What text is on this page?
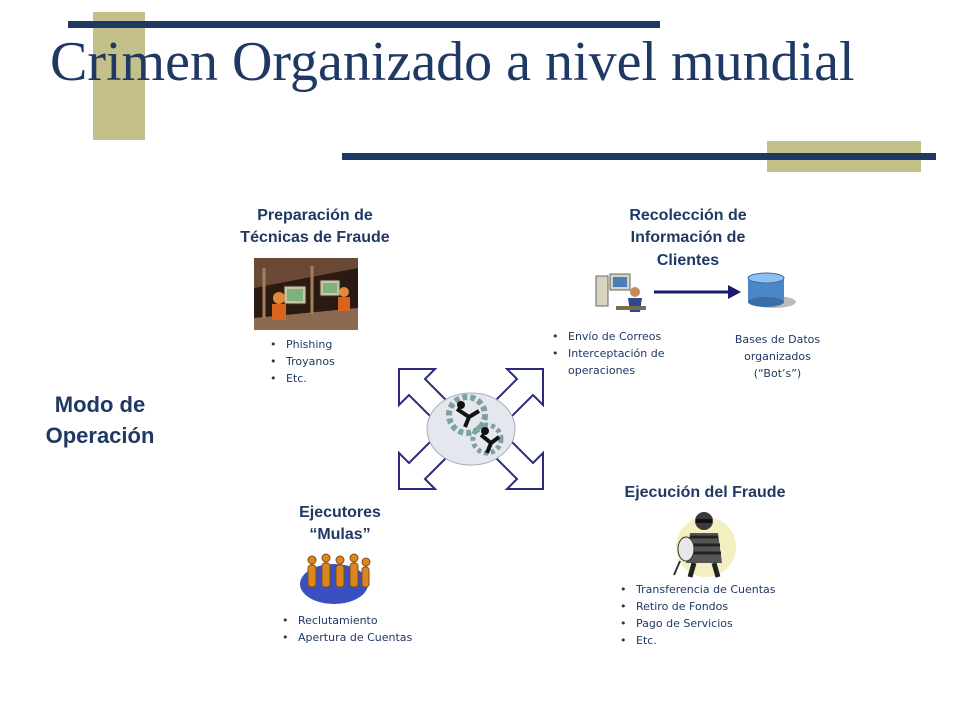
Crimen Organizado a nivel mundial
Modo de
Operación
Preparación de
Técnicas de Fraude
• Phishing
• Troyanos
• Etc.
Recolección de
Información de
Clientes
• Envío de Correos
• Interceptación de
operaciones
Bases de Datos
organizados
(“Bot’s”)
Ejecución del Fraude
• Transferencia de Cuentas
• Retiro de Fondos
• Pago de Servicios
• Etc.
Ejecutores
“Mulas”
• Reclutamiento
• Apertura de Cuentas
